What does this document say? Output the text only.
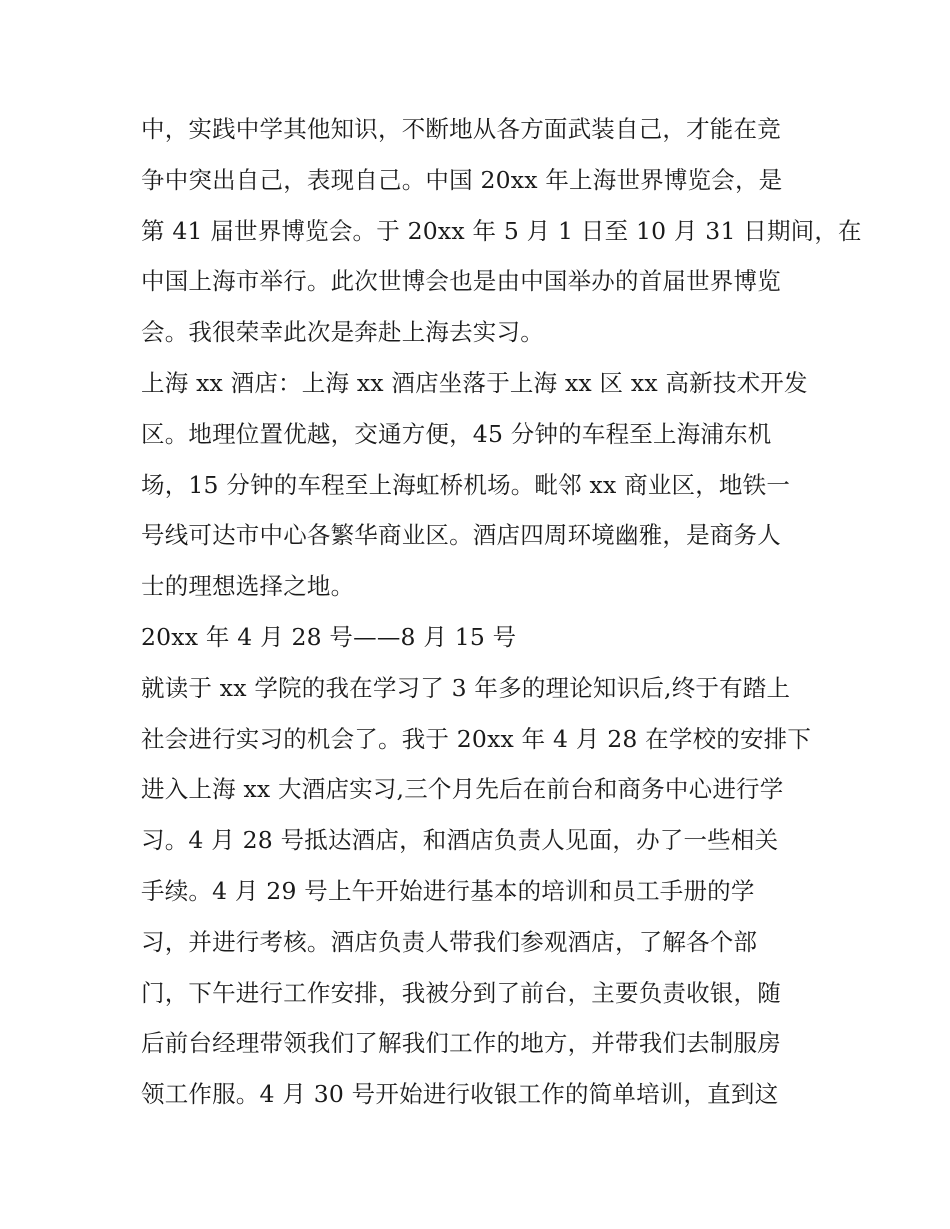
中，实践中学其他知识，不断地从各方面武装自己，才能在竞
争中突出自己，表现自己。中国 20xx 年上海世界博览会，是
第 41 届世界博览会。于 20xx 年 5 月 1 日至 10 月 31 日期间，在
中国上海市举行。此次世博会也是由中国举办的首届世界博览
会。我很荣幸此次是奔赴上海去实习。
上海 xx 酒店：上海 xx 酒店坐落于上海 xx 区 xx 高新技术开发
区。地理位置优越，交通方便，45 分钟的车程至上海浦东机
场，15 分钟的车程至上海虹桥机场。毗邻 xx 商业区，地铁一
号线可达市中心各繁华商业区。酒店四周环境幽雅，是商务人
士的理想选择之地。
20xx 年 4 月 28 号——8 月 15 号
就读于 xx 学院的我在学习了 3 年多的理论知识后,终于有踏上
社会进行实习的机会了。我于 20xx 年 4 月 28 在学校的安排下
进入上海 xx 大酒店实习,三个月先后在前台和商务中心进行学
习。4 月 28 号抵达酒店，和酒店负责人见面，办了一些相关
手续。4 月 29 号上午开始进行基本的培训和员工手册的学
习，并进行考核。酒店负责人带我们参观酒店，了解各个部
门，下午进行工作安排，我被分到了前台，主要负责收银，随
后前台经理带领我们了解我们工作的地方，并带我们去制服房
领工作服。4 月 30 号开始进行收银工作的简单培训，直到这
